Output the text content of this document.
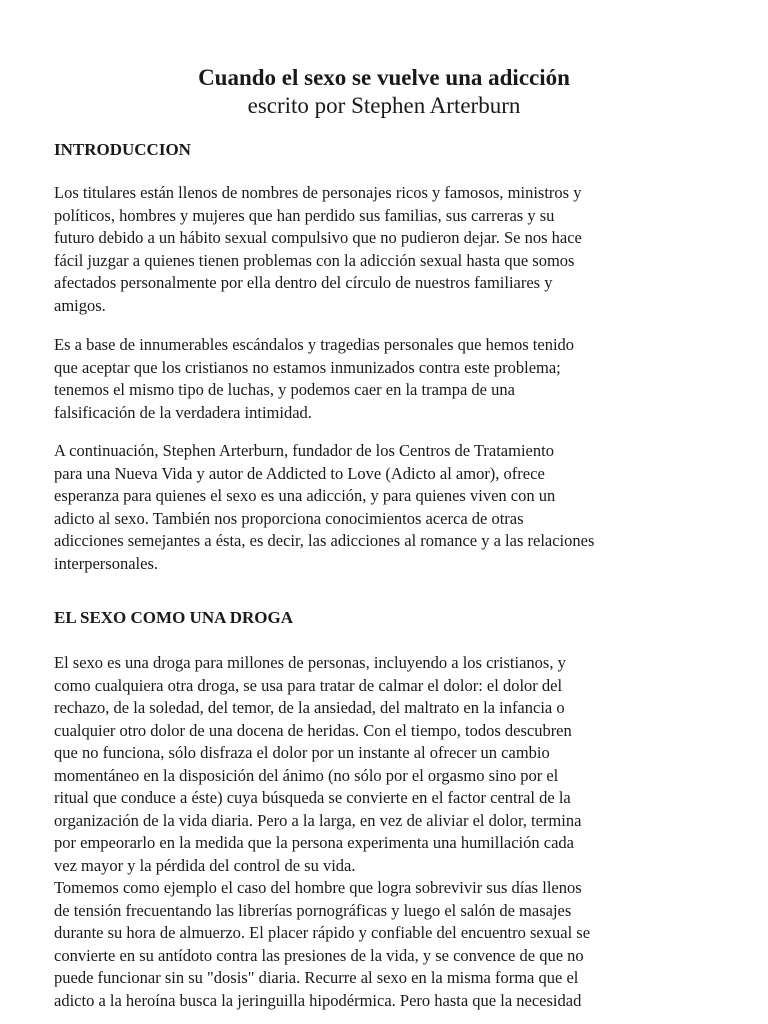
Cuando el sexo se vuelve una adicción
escrito por Stephen Arterburn
INTRODUCCION

Los titulares están llenos de nombres de personajes ricos y famosos, ministros y
políticos, hombres y mujeres que han perdido sus familias, sus carreras y su
futuro debido a un hábito sexual compulsivo que no pudieron dejar. Se nos hace
fácil juzgar a quienes tienen problemas con la adicción sexual hasta que somos
afectados personalmente por ella dentro del círculo de nuestros familiares y
amigos.

Es a base de innumerables escándalos y tragedias personales que hemos tenido
que aceptar que los cristianos no estamos inmunizados contra este problema;
tenemos el mismo tipo de luchas, y podemos caer en la trampa de una
falsificación de la verdadera intimidad.

A continuación, Stephen Arterburn, fundador de los Centros de Tratamiento
para una Nueva Vida y autor de Addicted to Love (Adicto al amor), ofrece
esperanza para quienes el sexo es una adicción, y para quienes viven con un
adicto al sexo. También nos proporciona conocimientos acerca de otras
adicciones semejantes a ésta, es decir, las adicciones al romance y a las relaciones
interpersonales.

EL SEXO COMO UNA DROGA

El sexo es una droga para millones de personas, incluyendo a los cristianos, y
como cualquiera otra droga, se usa para tratar de calmar el dolor: el dolor del
rechazo, de la soledad, del temor, de la ansiedad, del maltrato en la infancia o
cualquier otro dolor de una docena de heridas. Con el tiempo, todos descubren
que no funciona, sólo disfraza el dolor por un instante al ofrecer un cambio
momentáneo en la disposición del ánimo (no sólo por el orgasmo sino por el
ritual que conduce a éste) cuya búsqueda se convierte en el factor central de la
organización de la vida diaria. Pero a la larga, en vez de aliviar el dolor, termina
por empeorarlo en la medida que la persona experimenta una humillación cada
vez mayor y la pérdida del control de su vida.
Tomemos como ejemplo el caso del hombre que logra sobrevivir sus días llenos
de tensión frecuentando las librerías pornográficas y luego el salón de masajes
durante su hora de almuerzo. El placer rápido y confiable del encuentro sexual se
convierte en su antídoto contra las presiones de la vida, y se convence de que no
puede funcionar sin su "dosis" diaria. Recurre al sexo en la misma forma que el
adicto a la heroína busca la jeringuilla hipodérmica. Pero hasta que la necesidad
